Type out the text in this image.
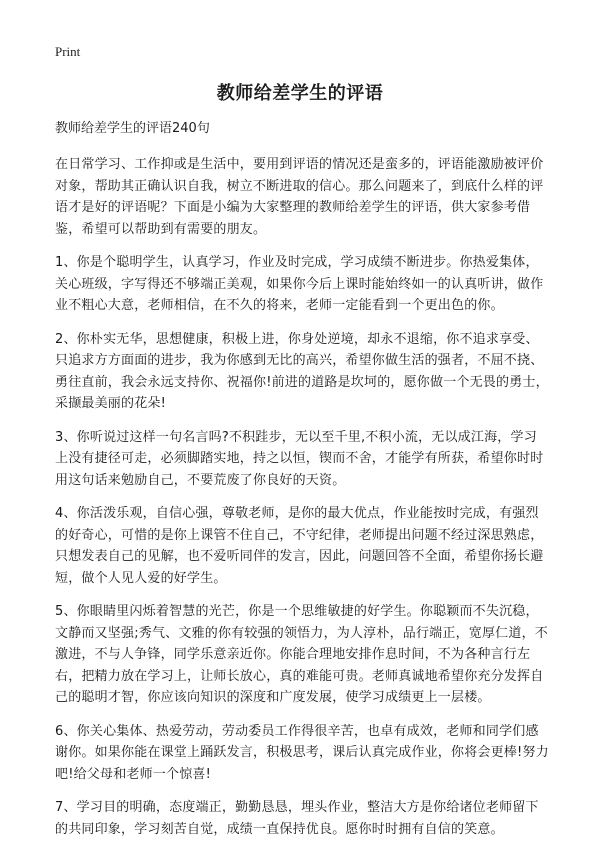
Print
教师给差学生的评语

教师给差学生的评语240句

在日常学习、工作抑或是生活中，要用到评语的情况还是蛮多的，评语能激励被评价对象，帮助其正确认识自我，树立不断进取的信心。那么问题来了，到底什么样的评语才是好的评语呢？下面是小编为大家整理的教师给差学生的评语，供大家参考借鉴，希望可以帮助到有需要的朋友。

1、你是个聪明学生，认真学习，作业及时完成，学习成绩不断进步。你热爱集体，关心班级，字写得还不够端正美观，如果你今后上课时能始终如一的认真听讲，做作业不粗心大意，老师相信，在不久的将来，老师一定能看到一个更出色的你。

2、你朴实无华，思想健康，积极上进，你身处逆境，却永不退缩，你不追求享受、只追求方方面面的进步，我为你感到无比的高兴，希望你做生活的强者，不屈不挠、勇往直前，我会永远支持你、祝福你!前进的道路是坎坷的，愿你做一个无畏的勇士，采撷最美丽的花朵!

3、你听说过这样一句名言吗?不积跬步，无以至千里,不积小流，无以成江海，学习上没有捷径可走，必须脚踏实地，持之以恒，锲而不舍，才能学有所获，希望你时时用这句话来勉励自己，不要荒废了你良好的天资。

4、你活泼乐观，自信心强，尊敬老师，是你的最大优点，作业能按时完成，有强烈的好奇心，可惜的是你上课管不住自己，不守纪律，老师提出问题不经过深思熟虑，只想发表自己的见解，也不爱听同伴的发言，因此，问题回答不全面，希望你扬长避短，做个人见人爱的好学生。

5、你眼睛里闪烁着智慧的光芒，你是一个思维敏捷的好学生。你聪颖而不失沉稳，文静而又坚强;秀气、文雅的你有较强的领悟力，为人淳朴，品行端正，宽厚仁道，不激进，不与人争锋，同学乐意亲近你。你能合理地安排作息时间，不为各种言行左右，把精力放在学习上，让师长放心，真的难能可贵。老师真诚地希望你充分发挥自己的聪明才智，你应该向知识的深度和广度发展，使学习成绩更上一层楼。

6、你关心集体、热爱劳动，劳动委员工作得很辛苦，也卓有成效，老师和同学们感谢你。如果你能在课堂上踊跃发言，积极思考，课后认真完成作业，你将会更棒!努力吧!给父母和老师一个惊喜!

7、学习目的明确，态度端正，勤勤恳恳，埋头作业，整洁大方是你给诸位老师留下的共同印象，学习刻苦自觉，成绩一直保持优良。愿你时时拥有自信的笑意。
